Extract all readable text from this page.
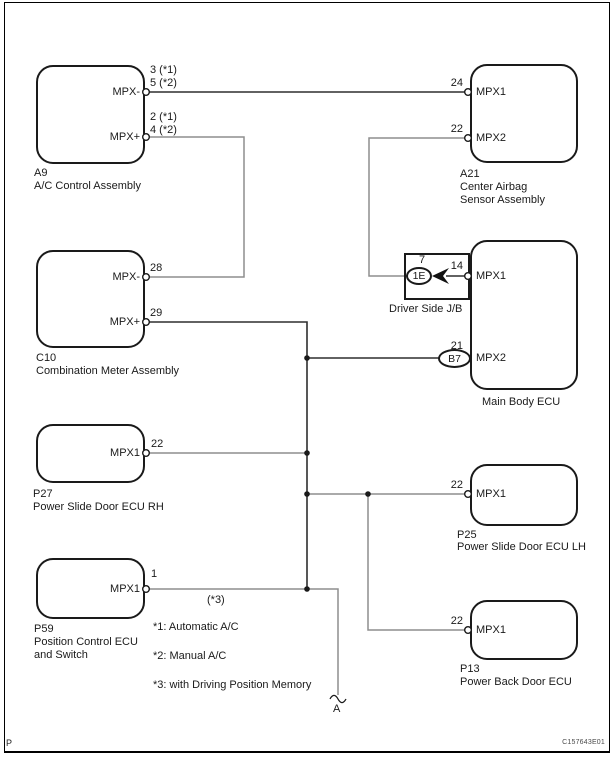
1E
B7
MPX-
MPX+
3 (*1)
5 (*2)
2 (*1)
4 (*2)
A9
A/C Control Assembly
MPX-
MPX+
28
29
C10
Combination Meter Assembly
MPX1
22
P27
Power Slide Door ECU RH
MPX1
1
P59
Position Control ECU
and Switch
MPX1
MPX2
24
22
A21
Center Airbag
Sensor Assembly
7
Driver Side J/B
MPX1
MPX2
14
21
Main Body ECU
MPX1
22
P25
Power Slide Door ECU LH
MPX1
22
P13
Power Back Door ECU
(*3)
*1: Automatic A/C
*2: Manual A/C
*3: with Driving Position Memory
A
P	C157643E01
